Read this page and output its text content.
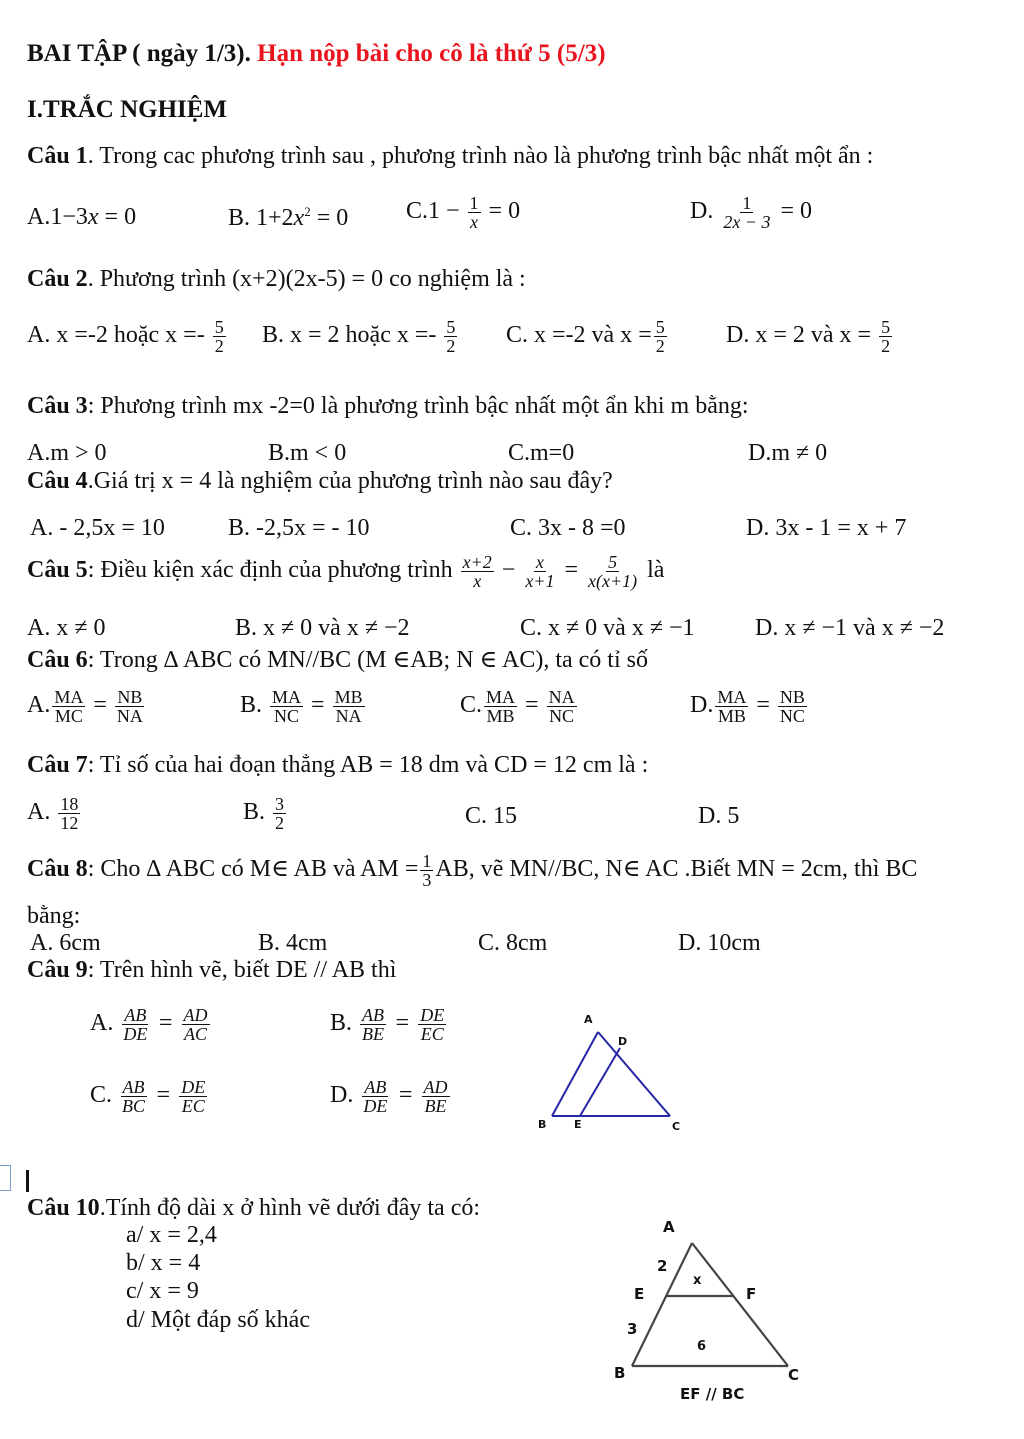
BAI TẬP ( ngày 1/3). Hạn nộp bài cho cô là thứ 5 (5/3)
I.TRẮC NGHIỆM
Câu 1. Trong cac phương trình sau , phương trình nào là phương trình bậc nhất một ẩn :
A.1−3x = 0	B. $1+2x^2 = 0$ $C.1 - \frac{1}{x} = 0$	D. $\frac{1}{2x - 3} = 0$
Câu 2. Phương trình (x+2)(2x-5) = 0 co nghiệm là :
A. x =-2 hoặc $x =- \frac{5}{2} B$. x = 2 hoặc $x =- \frac{5}{2} C$. x =-2 và $x = \frac{5}{2} D$. x = 2 và $x = \frac{5}{2}$
Câu 3: Phương trình mx -2=0 là phương trình bậc nhất một ẩn khi m bằng:
A.m > 0	B.m < 0	C.m=0	D.m ≠ 0
Câu 4.Giá trị x = 4 là nghiệm của phương trình nào sau đây?
A. - 2,5x = 10	B. -2,5x = - 10	C. 3x - 8 =0	D. 3x - 1 = x + 7
Câu 5: Điều kiện xác định của phương trình $\frac{x+2}{x} - \frac{x}{x+1} = \frac{5}{x(x+1)}$ là
A. x ≠ 0	B. x ≠ 0 và x ≠ −2	C. x ≠ 0 và x ≠ −1	D. x ≠ −1 và x ≠ −2
Câu 6: Trong ∆ ABC có MN//BC (M ∈AB; N ∈ AC), ta có tỉ số
A. $\frac{MA}{MC} = \frac{NB}{NA}$	B. $\frac{MA}{NC} = \frac{MB}{NA}$	C. $\frac{MA}{MB} = \frac{NA}{NC}$	D. $\frac{MA}{MB} = \frac{NB}{NC}$
Câu 7: Tỉ số của hai đoạn thẳng AB = 18 dm và CD = 12 cm là :
A. $\frac{18}{12}$	B. $\frac{3}{2}$	C. 15	D. 5
Câu 8: Cho ∆ ABC có M∈ AB và AM = $\frac{1}{3}$ AB, vẽ MN//BC, N∈ AC .Biết MN = 2cm, thì BC
bằng:
A. 6cm	B. 4cm	C. 8cm	D. 10cm
Câu 9: Trên hình vẽ, biết DE // AB thì
A. $\frac{AB}{DE} = \frac{AD}{AC}$	B. $\frac{AB}{BE} = \frac{DE}{EC}$
C. $\frac{AB}{BC} = \frac{DE}{EC}$	D. $\frac{AB}{DE} = \frac{AD}{BE}$
A
D
B	E	C
Câu 10.Tính độ dài x ở hình vẽ dưới đây ta có:
a/ x = 2,4
b/ x = 4
c/ x = 9
d/ Một đáp số khác
A
2
x
E	F
3
6
B	C
EF // BC
